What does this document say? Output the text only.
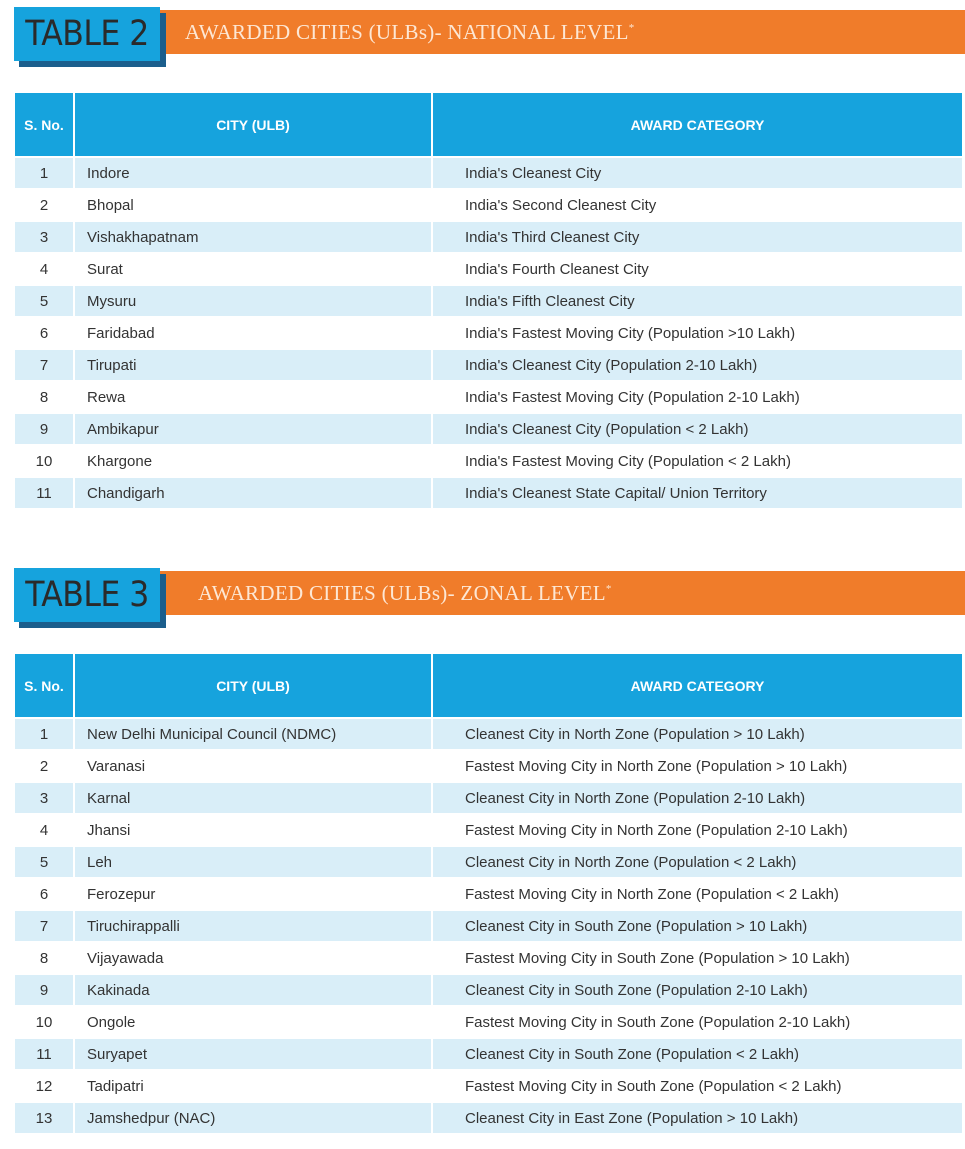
AWARDED CITIES (ULBs)- NATIONAL LEVEL*
TABLE 2
S. No.	CITY (ULB)	AWARD CATEGORY
1	Indore	India's Cleanest City
2	Bhopal	India's Second Cleanest City
3	Vishakhapatnam	India's Third Cleanest City
4	Surat	India's Fourth Cleanest City
5	Mysuru	India's Fifth Cleanest City
6	Faridabad	India's Fastest Moving City (Population >10 Lakh)
7	Tirupati	India's Cleanest City (Population 2-10 Lakh)
8	Rewa	India's Fastest Moving City (Population 2-10 Lakh)
9	Ambikapur	India's Cleanest City (Population < 2 Lakh)
10	Khargone	India's Fastest Moving City (Population < 2 Lakh)
11	Chandigarh	India's Cleanest State Capital/ Union Territory
AWARDED CITIES (ULBs)- ZONAL LEVEL*
TABLE 3
S. No.	CITY (ULB)	AWARD CATEGORY
1	New Delhi Municipal Council (NDMC)	Cleanest City in North Zone (Population > 10 Lakh)
2	Varanasi	Fastest Moving City in North Zone (Population > 10 Lakh)
3	Karnal	Cleanest City in North Zone (Population 2-10 Lakh)
4	Jhansi	Fastest Moving City in North Zone (Population 2-10 Lakh)
5	Leh	Cleanest City in North Zone (Population < 2 Lakh)
6	Ferozepur	Fastest Moving City in North Zone (Population < 2 Lakh)
7	Tiruchirappalli	Cleanest City in South Zone (Population > 10 Lakh)
8	Vijayawada	Fastest Moving City in South Zone (Population > 10 Lakh)
9	Kakinada	Cleanest City in South Zone (Population 2-10 Lakh)
10	Ongole	Fastest Moving City in South Zone (Population 2-10 Lakh)
11	Suryapet	Cleanest City in South Zone (Population < 2 Lakh)
12	Tadipatri	Fastest Moving City in South Zone (Population < 2 Lakh)
13	Jamshedpur (NAC)	Cleanest City in East Zone (Population > 10 Lakh)
